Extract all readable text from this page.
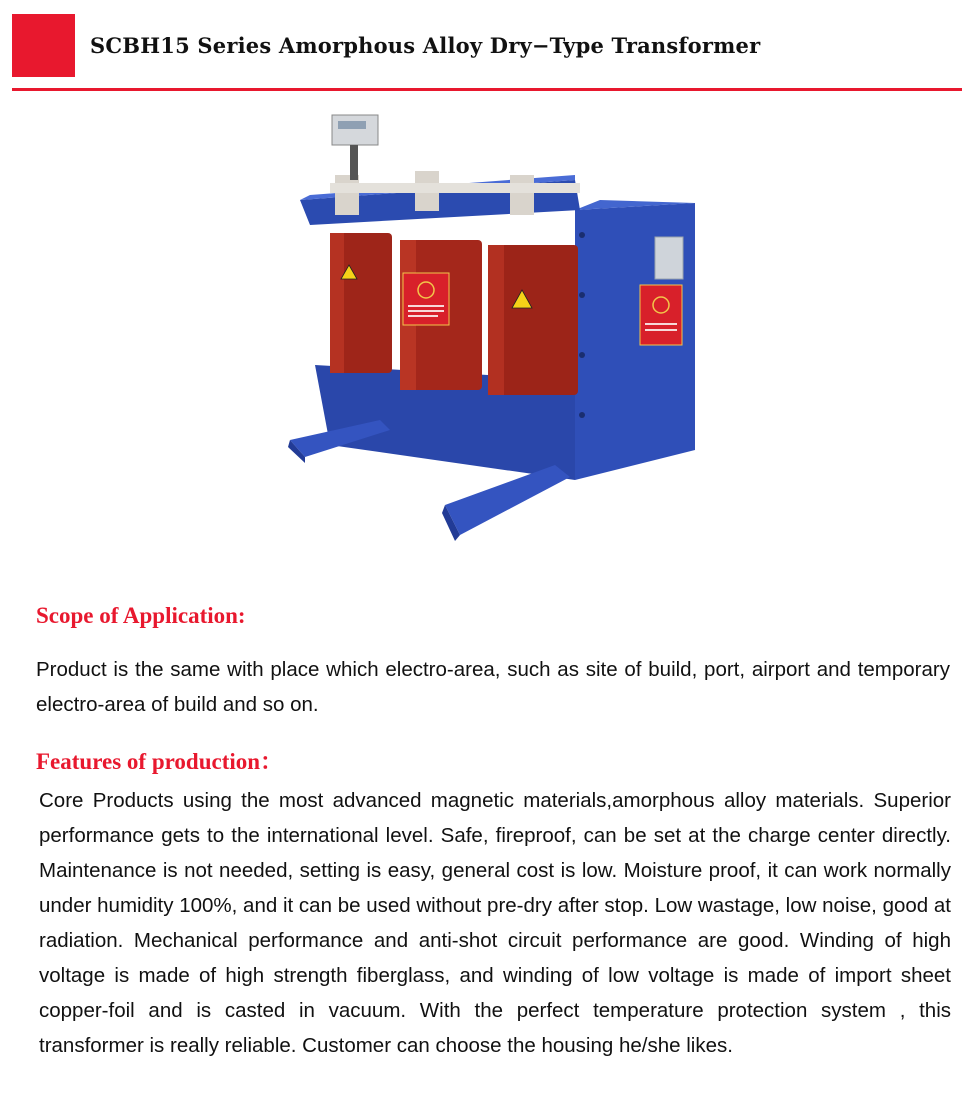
SCBH15 Series Amorphous Alloy Dry−Type Transformer
Scope of Application:
Product is the same with place which electro-area, such as site of build, port, airport and temporary electro-area of build and so on.
Features of production：
Core Products using the most advanced magnetic materials,amorphous alloy materials. Superior performance gets to the international level. Safe, fireproof, can be set at the charge center directly. Maintenance is not needed, setting is easy, general cost is low. Moisture proof, it can work normally under humidity 100%, and it can be used without pre-dry after stop. Low wastage, low noise, good at radiation. Mechanical performance and anti-shot circuit performance are good. Winding of high voltage is made of high strength fiberglass, and winding of low voltage is made of import sheet copper-foil and is casted in vacuum. With the perfect temperature protection system , this transformer is really reliable. Customer can choose the housing he/she likes.
